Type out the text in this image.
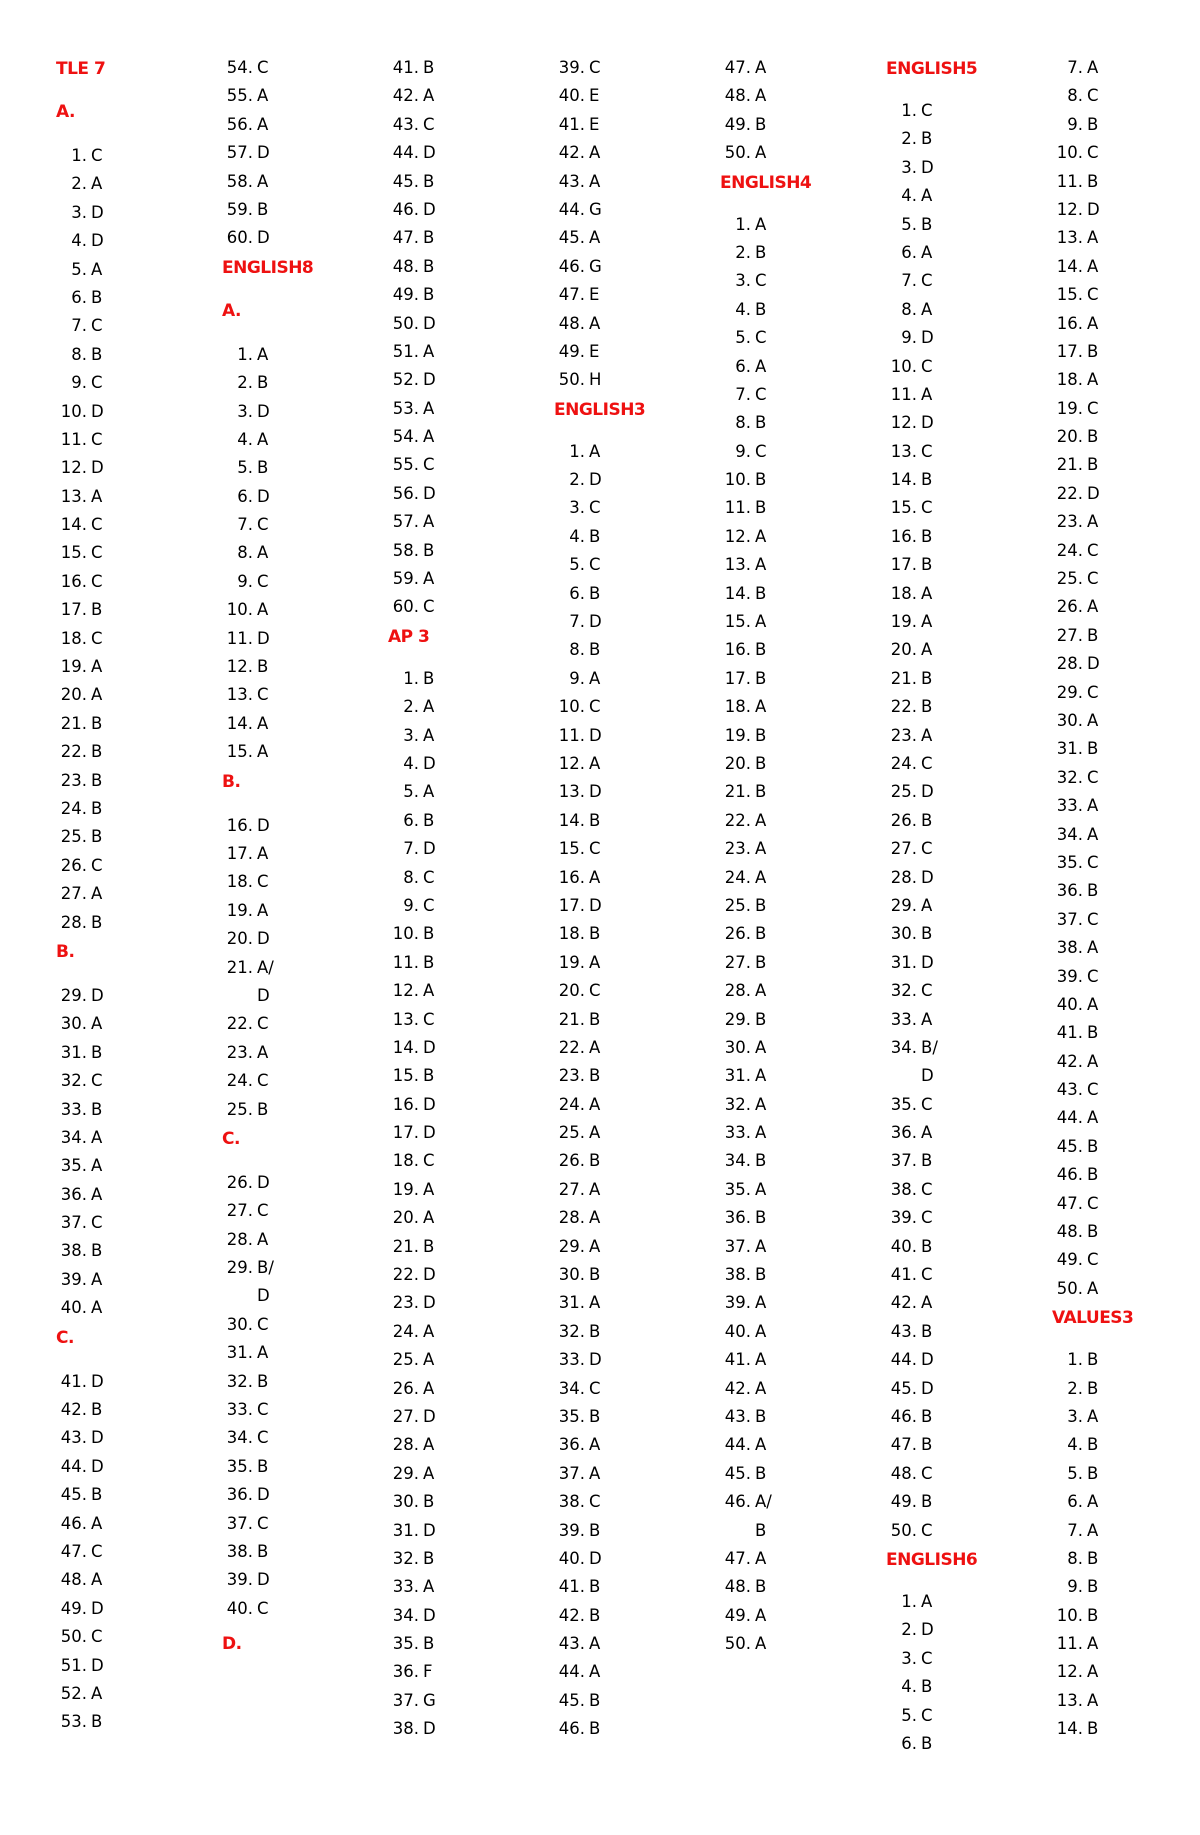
TLE 7
A.
1. C
2. A
3. D
4. D
5. A
6. B
7. C
8. B
9. C
10. D
11. C
12. D
13. A
14. C
15. C
16. C
17. B
18. C
19. A
20. A
21. B
22. B
23. B
24. B
25. B
26. C
27. A
28. B
B.
29. D
30. A
31. B
32. C
33. B
34. A
35. A
36. A
37. C
38. B
39. A
40. A
C.
41. D
42. B
43. D
44. D
45. B
46. A
47. C
48. A
49. D
50. C
51. D
52. A
53. B
54. C
55. A
56. A
57. D
58. A
59. B
60. D
ENGLISH8
A.
1. A
2. B
3. D
4. A
5. B
6. D
7. C
8. A
9. C
10. A
11. D
12. B
13. C
14. A
15. A
B.
16. D
17. A
18. C
19. A
20. D
21. A/ D
22. C
23. A
24. C
25. B
C.
26. D
27. C
28. A
29. B/ D
30. C
31. A
32. B
33. C
34. C
35. B
36. D
37. C
38. B
39. D
40. C
D.
41. B
42. A
43. C
44. D
45. B
46. D
47. B
48. B
49. B
50. D
51. A
52. D
53. A
54. A
55. C
56. D
57. A
58. B
59. A
60. C
AP 3
1. B
2. A
3. A
4. D
5. A
6. B
7. D
8. C
9. C
10. B
11. B
12. A
13. C
14. D
15. B
16. D
17. D
18. C
19. A
20. A
21. B
22. D
23. D
24. A
25. A
26. A
27. D
28. A
29. A
30. B
31. D
32. B
33. A
34. D
35. B
36. F
37. G
38. D
39. C
40. E
41. E
42. A
43. A
44. G
45. A
46. G
47. E
48. A
49. E
50. H
ENGLISH3
1. A
2. D
3. C
4. B
5. C
6. B
7. D
8. B
9. A
10. C
11. D
12. A
13. D
14. B
15. C
16. A
17. D
18. B
19. A
20. C
21. B
22. A
23. B
24. A
25. A
26. B
27. A
28. A
29. A
30. B
31. A
32. B
33. D
34. C
35. B
36. A
37. A
38. C
39. B
40. D
41. B
42. B
43. A
44. A
45. B
46. B
47. A
48. A
49. B
50. A
ENGLISH4
1. A
2. B
3. C
4. B
5. C
6. A
7. C
8. B
9. C
10. B
11. B
12. A
13. A
14. B
15. A
16. B
17. B
18. A
19. B
20. B
21. B
22. A
23. A
24. A
25. B
26. B
27. B
28. A
29. B
30. A
31. A
32. A
33. A
34. B
35. A
36. B
37. A
38. B
39. A
40. A
41. A
42. A
43. B
44. A
45. B
46. A/ B
47. A
48. B
49. A
50. A
ENGLISH5
1. C
2. B
3. D
4. A
5. B
6. A
7. C
8. A
9. D
10. C
11. A
12. D
13. C
14. B
15. C
16. B
17. B
18. A
19. A
20. A
21. B
22. B
23. A
24. C
25. D
26. B
27. C
28. D
29. A
30. B
31. D
32. C
33. A
34. B/ D
35. C
36. A
37. B
38. C
39. C
40. B
41. C
42. A
43. B
44. D
45. D
46. B
47. B
48. C
49. B
50. C
ENGLISH6
1. A
2. D
3. C
4. B
5. C
6. B
7. A
8. C
9. B
10. C
11. B
12. D
13. A
14. A
15. C
16. A
17. B
18. A
19. C
20. B
21. B
22. D
23. A
24. C
25. C
26. A
27. B
28. D
29. C
30. A
31. B
32. C
33. A
34. A
35. C
36. B
37. C
38. A
39. C
40. A
41. B
42. A
43. C
44. A
45. B
46. B
47. C
48. B
49. C
50. A
VALUES3
1. B
2. B
3. A
4. B
5. B
6. A
7. A
8. B
9. B
10. B
11. A
12. A
13. A
14. B
